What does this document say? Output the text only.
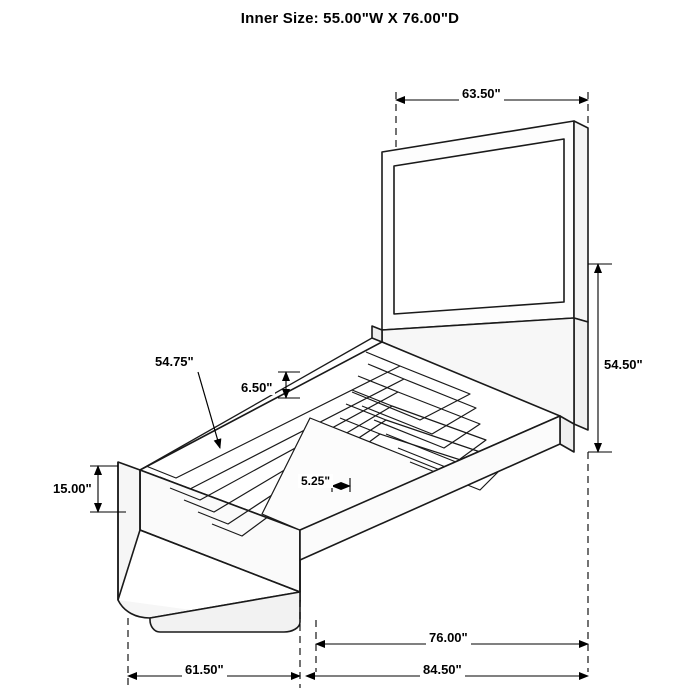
Inner Size: 55.00"W X 76.00"D
63.50"
54.50"
54.75"
6.50"
5.25"
15.00"
76.00"
84.50"
61.50"
